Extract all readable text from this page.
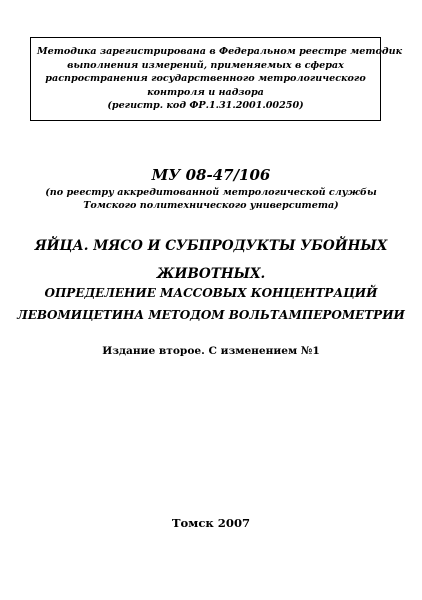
Методика зарегистрирована в Федеральном реестре методик
выполнения измерений, применяемых в сферах
распространения государственного метрологического
контроля и надзора
(регистр. код ФР.1.31.2001.00250)
МУ 08-47/106
(по реестру аккредитованной метрологической службы
Томского политехнического университета)
ЯЙЦА. МЯСО И СУБПРОДУКТЫ УБОЙНЫХ
ЖИВОТНЫХ.
ОПРЕДЕЛЕНИЕ МАССОВЫХ КОНЦЕНТРАЦИЙ
ЛЕВОМИЦЕТИНА МЕТОДОМ ВОЛЬТАМПЕРОМЕТРИИ
Издание второе. С изменением №1
Томск 2007
